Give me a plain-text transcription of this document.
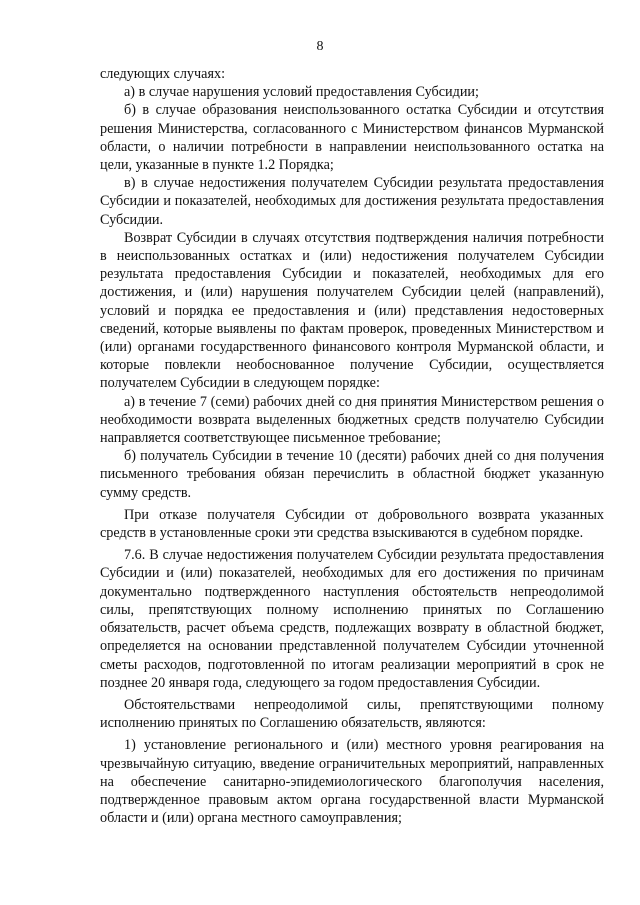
8

следующих случаях:

а) в случае нарушения условий предоставления Субсидии;

б) в случае образования неиспользованного остатка Субсидии и отсутствия решения Министерства, согласованного с Министерством финансов Мурманской области, о наличии потребности в направлении неиспользованного остатка на цели, указанные в пункте 1.2 Порядка;

в) в случае недостижения получателем Субсидии результата предоставления Субсидии и показателей, необходимых для достижения результата предоставления Субсидии.

Возврат Субсидии в случаях отсутствия подтверждения наличия потребности в неиспользованных остатках и (или) недостижения получателем Субсидии результата предоставления Субсидии и показателей, необходимых для его достижения, и (или) нарушения получателем Субсидии целей (направлений), условий и порядка ее предоставления и (или) представления недостоверных сведений, которые выявлены по фактам проверок, проведенных Министерством и (или) органами государственного финансового контроля Мурманской области, и которые повлекли необоснованное получение Субсидии, осуществляется получателем Субсидии в следующем порядке:

а) в течение 7 (семи) рабочих дней со дня принятия Министерством решения о необходимости возврата выделенных бюджетных средств получателю Субсидии направляется соответствующее письменное требование;

б) получатель Субсидии в течение 10 (десяти) рабочих дней со дня получения письменного требования обязан перечислить в областной бюджет указанную сумму средств.

При отказе получателя Субсидии от добровольного возврата указанных средств в установленные сроки эти средства взыскиваются в судебном порядке.

7.6. В случае недостижения получателем Субсидии результата предоставления Субсидии и (или) показателей, необходимых для его достижения по причинам документально подтвержденного наступления обстоятельств непреодолимой силы, препятствующих полному исполнению принятых по Соглашению обязательств, расчет объема средств, подлежащих возврату в областной бюджет, определяется на основании представленной получателем Субсидии уточненной сметы расходов, подготовленной по итогам реализации мероприятий в срок не позднее 20 января года, следующего за годом предоставления Субсидии.

Обстоятельствами непреодолимой силы, препятствующими полному исполнению принятых по Соглашению обязательств, являются:

1) установление регионального и (или) местного уровня реагирования на чрезвычайную ситуацию, введение ограничительных мероприятий, направленных на обеспечение санитарно-эпидемиологического благополучия населения, подтвержденное правовым актом органа государственной власти Мурманской области и (или) органа местного самоуправления;
